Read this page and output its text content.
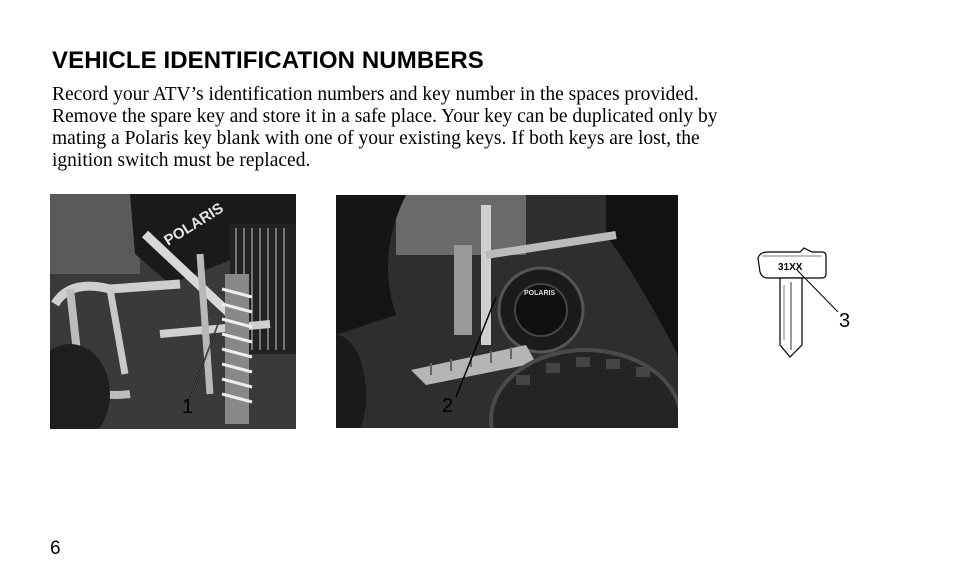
VEHICLE IDENTIFICATION NUMBERS
Record your ATV’s identification numbers and key number in the spaces provided.
Remove the spare key and store it in a safe place. Your key can be duplicated only by
mating a Polaris key blank with one of your existing keys. If both keys are lost, the
ignition switch must be replaced.
POLARIS
1
POLARIS
2
31XX
3
6
